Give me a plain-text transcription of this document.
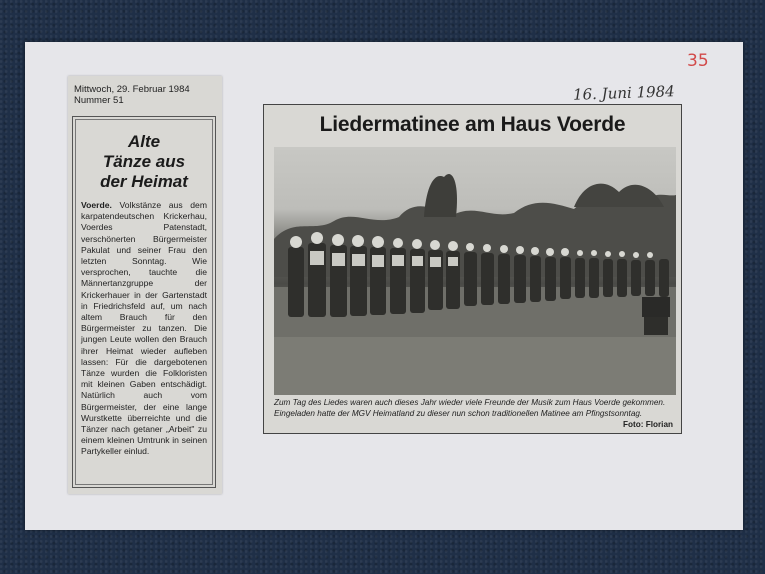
35
16. Juni 1984
Mittwoch, 29. Februar 1984
Nummer 51
Alte
Tänze aus
der Heimat
Voerde. Volkstänze aus dem karpatendeutschen Krickerhau, Voerdes Patenstadt, verschönerten Bürgermeister Pakulat und seiner Frau den letzten Sonntag. Wie versprochen, tauchte die Männertanzgruppe der Krickerhauer in der Gartenstadt in Friedrichsfeld auf, um nach altem Brauch für den Bürgermeister zu tanzen. Die jungen Leute wollen den Brauch ihrer Heimat wieder aufleben lassen: Für die dargebotenen Tänze wurden die Folkloristen mit kleinen Gaben entschädigt. Natürlich auch vom Bürgermeister, der eine lange Wurstkette überreichte und die Tänzer nach getaner „Arbeit" zu einem kleinen Umtrunk in seinen Partykeller einlud.
Liedermatinee am Haus Voerde
Zum Tag des Liedes waren auch dieses Jahr wieder viele Freunde der Musik zum Haus Voerde gekommen. Eingeladen hatte der MGV Heimatland zu dieser nun schon traditionellen Matinee am Pfingstsonntag.
Foto: Florian
